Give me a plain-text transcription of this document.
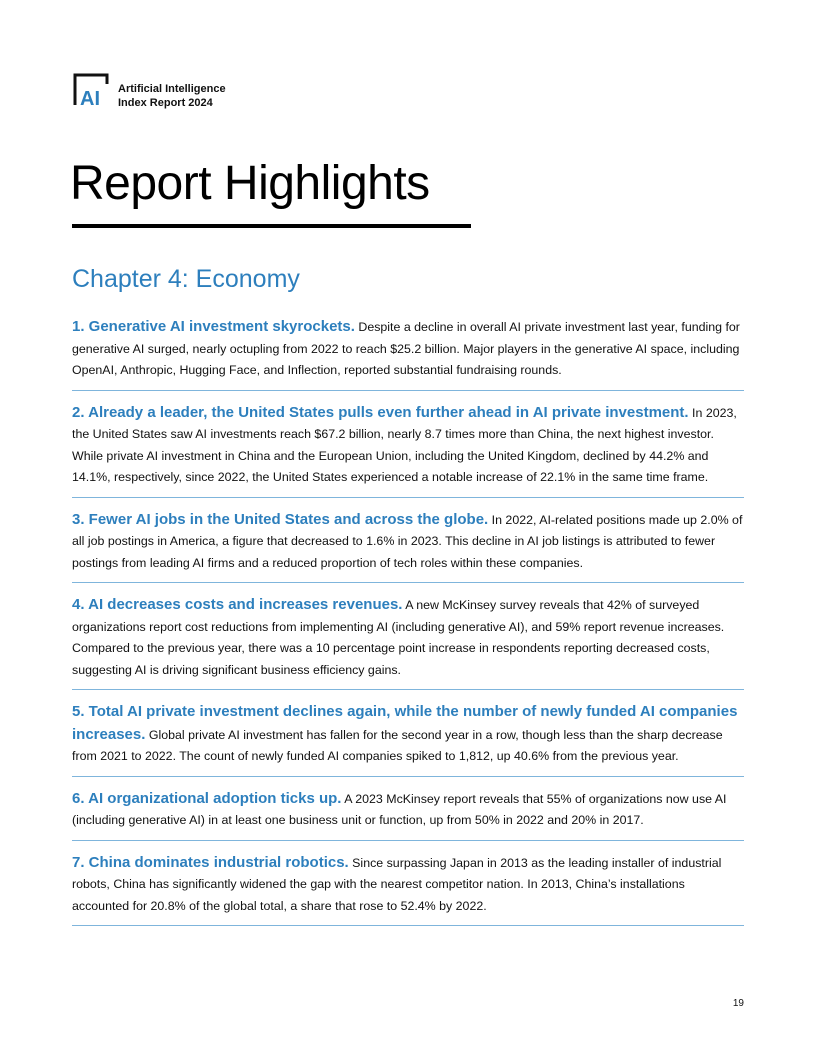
AI Artificial Intelligence
Index Report 2024
Report Highlights
Chapter 4: Economy

1. Generative AI investment skyrockets. Despite a decline in overall AI private investment last year, funding for generative AI surged, nearly octupling from 2022 to reach $25.2 billion. Major players in the generative AI space, including OpenAI, Anthropic, Hugging Face, and Inflection, reported substantial fundraising rounds.

2. Already a leader, the United States pulls even further ahead in AI private investment. In 2023, the United States saw AI investments reach $67.2 billion, nearly 8.7 times more than China, the next highest investor. While private AI investment in China and the European Union, including the United Kingdom, declined by 44.2% and 14.1%, respectively, since 2022, the United States experienced a notable increase of 22.1% in the same time frame.

3. Fewer AI jobs in the United States and across the globe. In 2022, AI-related positions made up 2.0% of all job postings in America, a figure that decreased to 1.6% in 2023. This decline in AI job listings is attributed to fewer postings from leading AI firms and a reduced proportion of tech roles within these companies.

4. AI decreases costs and increases revenues. A new McKinsey survey reveals that 42% of surveyed organizations report cost reductions from implementing AI (including generative AI), and 59% report revenue increases. Compared to the previous year, there was a 10 percentage point increase in respondents reporting decreased costs, suggesting AI is driving significant business efficiency gains.

5. Total AI private investment declines again, while the number of newly funded AI companies increases. Global private AI investment has fallen for the second year in a row, though less than the sharp decrease from 2021 to 2022. The count of newly funded AI companies spiked to 1,812, up 40.6% from the previous year.

6. AI organizational adoption ticks up. A 2023 McKinsey report reveals that 55% of organizations now use AI (including generative AI) in at least one business unit or function, up from 50% in 2022 and 20% in 2017.

7. China dominates industrial robotics. Since surpassing Japan in 2013 as the leading installer of industrial robots, China has significantly widened the gap with the nearest competitor nation. In 2013, China’s installations accounted for 20.8% of the global total, a share that rose to 52.4% by 2022.

19
